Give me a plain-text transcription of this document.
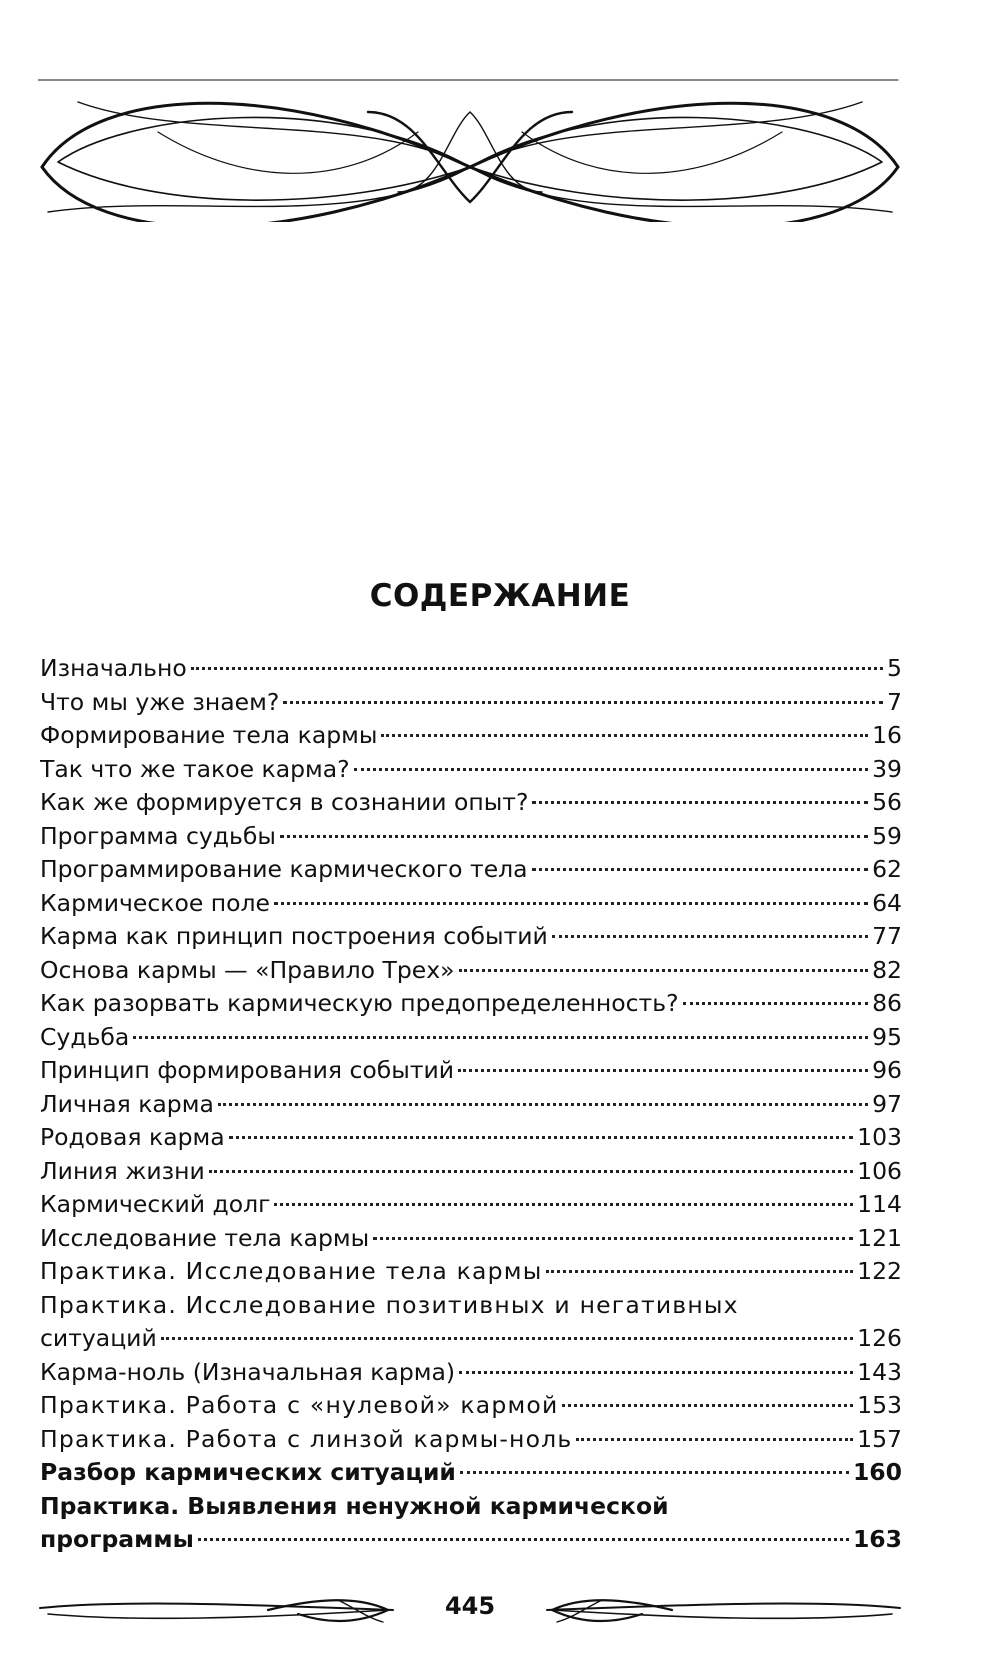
СОДЕРЖАНИЕ
Изначально	5
Что мы уже знаем?	7
Формирование тела кармы	16
Так что же такое карма?	39
Как же формируется в сознании опыт?	56
Программа судьбы	59
Программирование кармического тела	62
Кармическое поле	64
Карма как принцип построения событий	77
Основа кармы — «Правило Трех»	82
Как разорвать кармическую предопределенность?	86
Судьба	95
Принцип формирования событий	96
Личная карма	97
Родовая карма	103
Линия жизни	106
Кармический долг	114
Исследование тела кармы	121
Практика. Исследование тела кармы	122
Практика. Исследование позитивных и негативных
ситуаций	126
Карма-ноль (Изначальная карма)	143
Практика. Работа с «нулевой» кармой	153
Практика. Работа с линзой кармы-ноль	157
Разбор кармических ситуаций	160
Практика. Выявления ненужной кармической
программы	163
445
